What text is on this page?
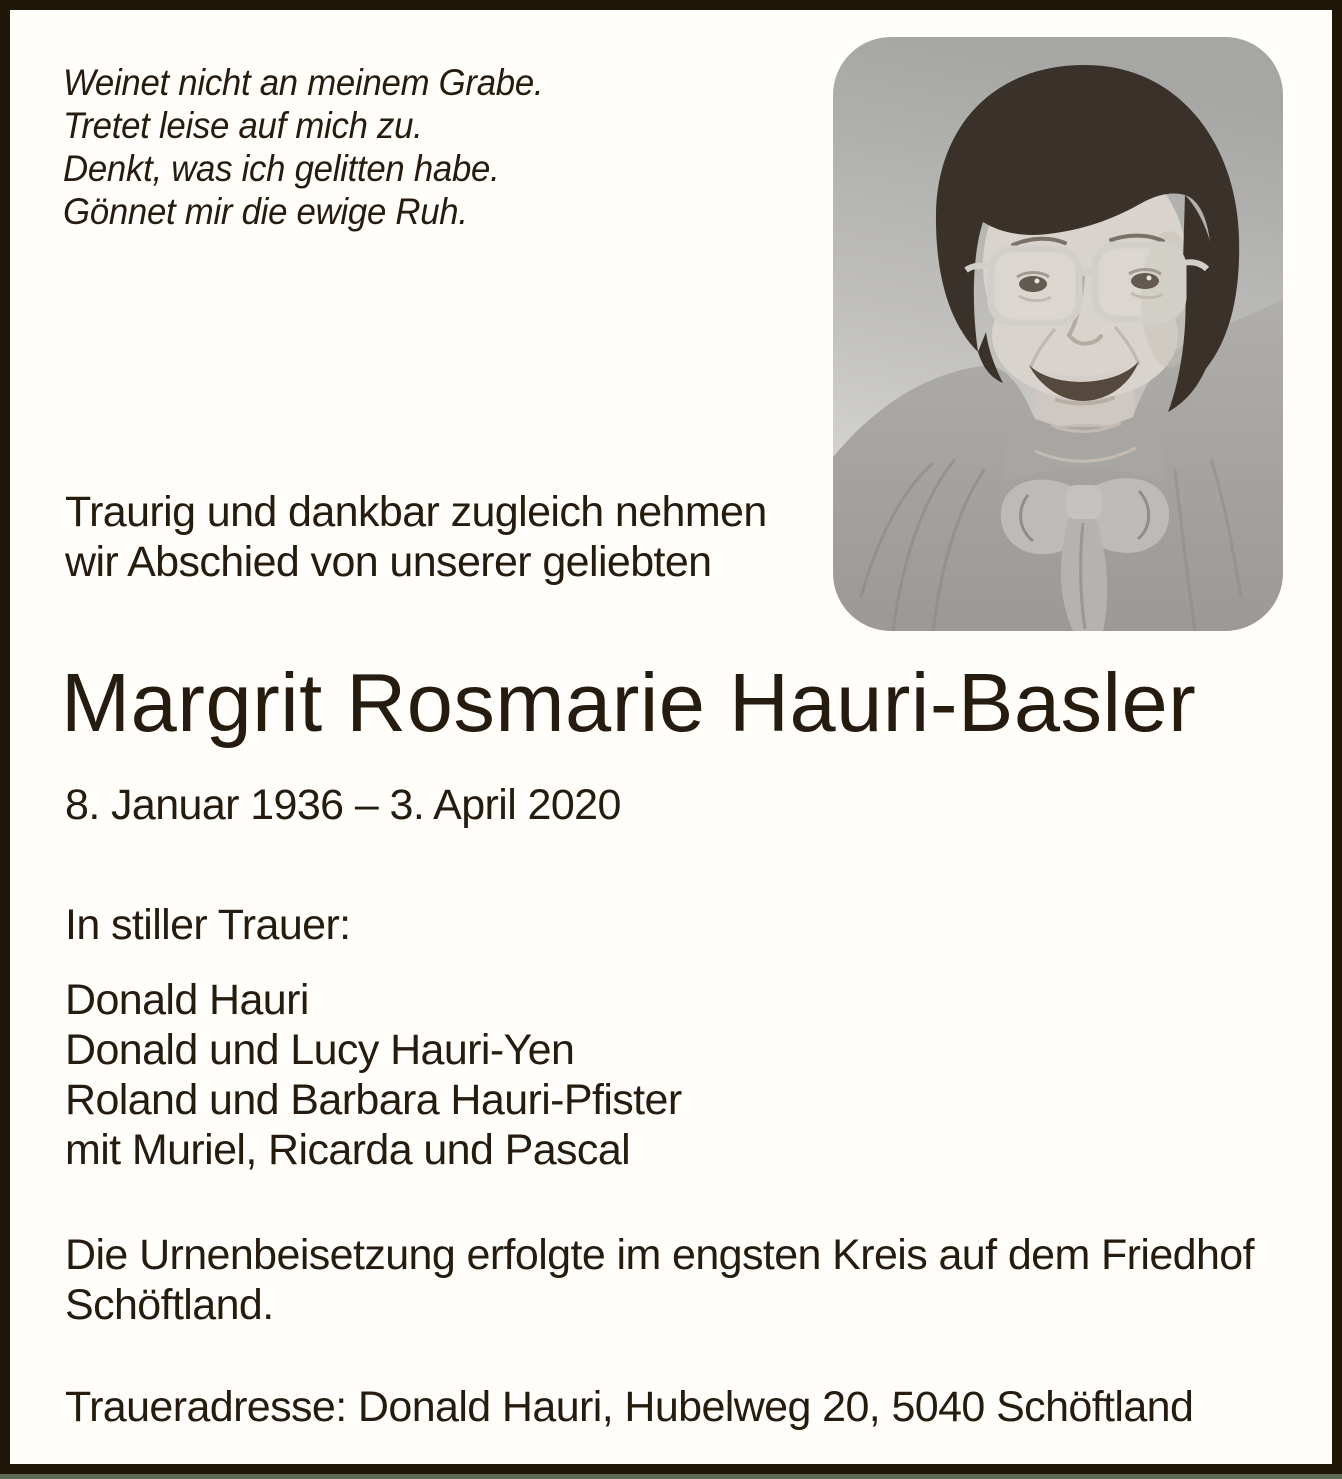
Weinet nicht an meinem Grabe.
Tretet leise auf mich zu.
Denkt, was ich gelitten habe.
Gönnet mir die ewige Ruh.
Traurig und dankbar zugleich nehmen
wir Abschied von unserer geliebten
Margrit Rosmarie Hauri-Basler
8. Januar 1936 – 3. April 2020
In stiller Trauer:
Donald Hauri
Donald und Lucy Hauri-Yen
Roland und Barbara Hauri-Pfister
mit Muriel, Ricarda und Pascal
Die Urnenbeisetzung erfolgte im engsten Kreis auf dem Friedhof
Schöftland.
Traueradresse: Donald Hauri, Hubelweg 20, 5040 Schöftland
